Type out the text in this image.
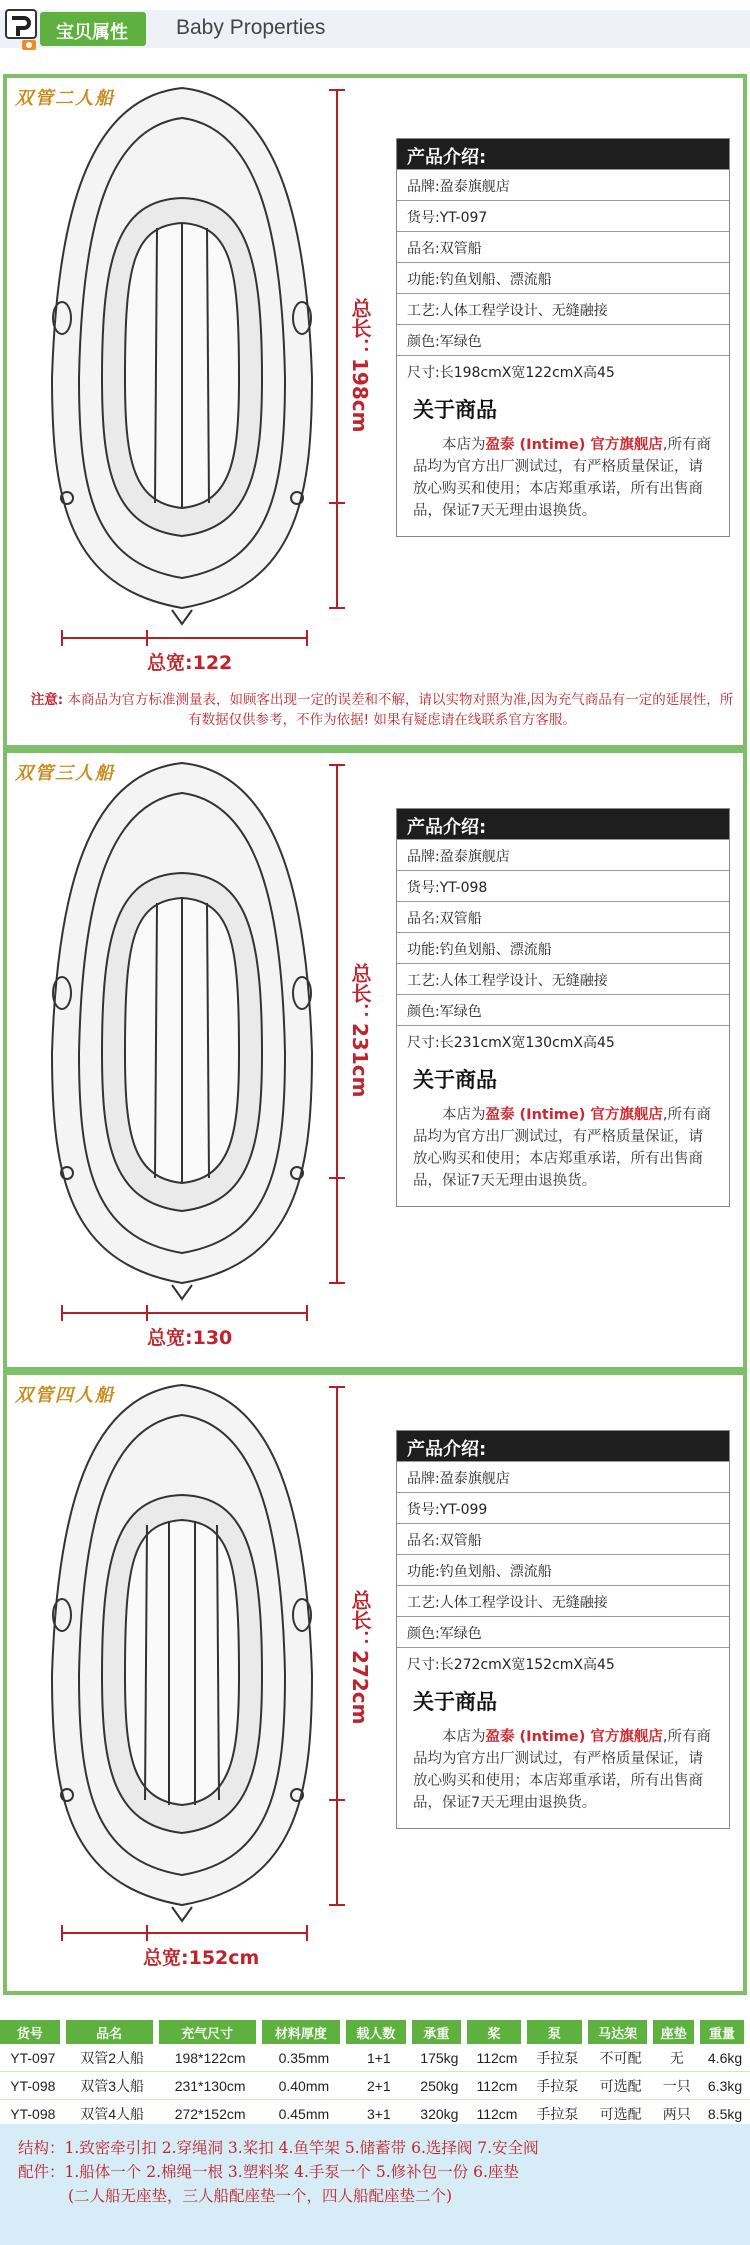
宝贝属性 Baby Properties
双管二人船
总长：198cm
总宽:122
产品介绍:
品牌:盈泰旗舰店
货号:YT-097
品名:双管船
功能:钓鱼划船、漂流船
工艺:人体工程学设计、无缝融接
颜色:军绿色
尺寸:长198cmX宽122cmX高45
关于商品
本店为盈泰 (Intime) 官方旗舰店,所有商品均为官方出厂测试过，有严格质量保证，请放心购买和使用；本店郑重承诺，所有出售商品，保证7天无理由退换货。
注意: 本商品为官方标准测量表，如顾客出现一定的误差和不解，请以实物对照为准,因为充气商品有一定的延展性，所有数据仅供参考，不作为依据! 如果有疑虑请在线联系官方客服。
双管三人船
总长：231cm
总宽:130
产品介绍:
品牌:盈泰旗舰店
货号:YT-098
品名:双管船
功能:钓鱼划船、漂流船
工艺:人体工程学设计、无缝融接
颜色:军绿色
尺寸:长231cmX宽130cmX高45
关于商品
本店为盈泰 (Intime) 官方旗舰店,所有商品均为官方出厂测试过，有严格质量保证，请放心购买和使用；本店郑重承诺，所有出售商品，保证7天无理由退换货。
双管四人船
总长：272cm
总宽:152cm
产品介绍:
品牌:盈泰旗舰店
货号:YT-099
品名:双管船
功能:钓鱼划船、漂流船
工艺:人体工程学设计、无缝融接
颜色:军绿色
尺寸:长272cmX宽152cmX高45
关于商品
本店为盈泰 (Intime) 官方旗舰店,所有商品均为官方出厂测试过，有严格质量保证，请放心购买和使用；本店郑重承诺，所有出售商品，保证7天无理由退换货。
货号	品名	充气尺寸	材料厚度	载人数	承重	桨	泵	马达架	座垫	重量
YT-097	双管2人船	198*122cm	0.35mm	1+1	175kg	112cm	手拉泵	不可配	无	4.6kg
YT-098	双管3人船	231*130cm	0.40mm	2+1	250kg	112cm	手拉泵	可选配	一只	6.3kg
YT-098	双管4人船	272*152cm	0.45mm	3+1	320kg	112cm	手拉泵	可选配	两只	8.5kg
结构：1.致密牵引扣 2.穿绳洞 3.桨扣 4.鱼竿架 5.储蓄带 6.选择阀 7.安全阀
配件：1.船体一个 2.棉绳一根 3.塑料桨 4.手泵一个 5.修补包一份 6.座垫
(二人船无座垫，三人船配座垫一个，四人船配座垫二个)
